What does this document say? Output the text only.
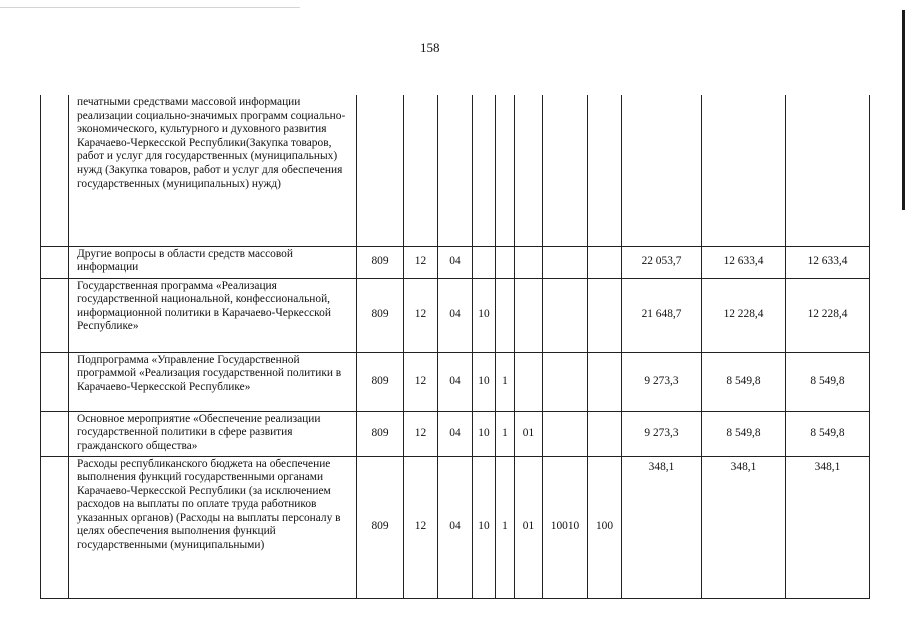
158
	печатными средствами массовой информации реализации социально-значимых программ социально-экономического, культурного и духовного развития Карачаево-Черкесской Республики(Закупка товаров, работ и услуг для государственных (муниципальных) нужд (Закупка товаров, работ и услуг для обеспечения государственных (муниципальных) нужд)											
	Другие вопросы в области средств массовой информации	809	12	04						22 053,7	12 633,4	12 633,4
	Государственная программа «Реализация государственной национальной, конфессиональной, информационной политики в Карачаево-Черкесской Республике»	809	12	04	10					21 648,7	12 228,4	12 228,4
	Подпрограмма «Управление Государственной программой «Реализация государственной политики в Карачаево-Черкесской Республике»	809	12	04	10	1				9 273,3	8 549,8	8 549,8
	Основное мероприятие «Обеспечение реализации государственной политики в сфере развития гражданского общества»	809	12	04	10	1	01			9 273,3	8 549,8	8 549,8
	Расходы республиканского бюджета на обеспечение выполнения функций государственными органами Карачаево-Черкесской Республики (за исключением расходов на выплаты по оплате труда работников указанных органов) (Расходы на выплаты персоналу в целях обеспечения выполнения функций государственными (муниципальными)	809	12	04	10	1	01	10010	100	348,1	348,1	348,1
